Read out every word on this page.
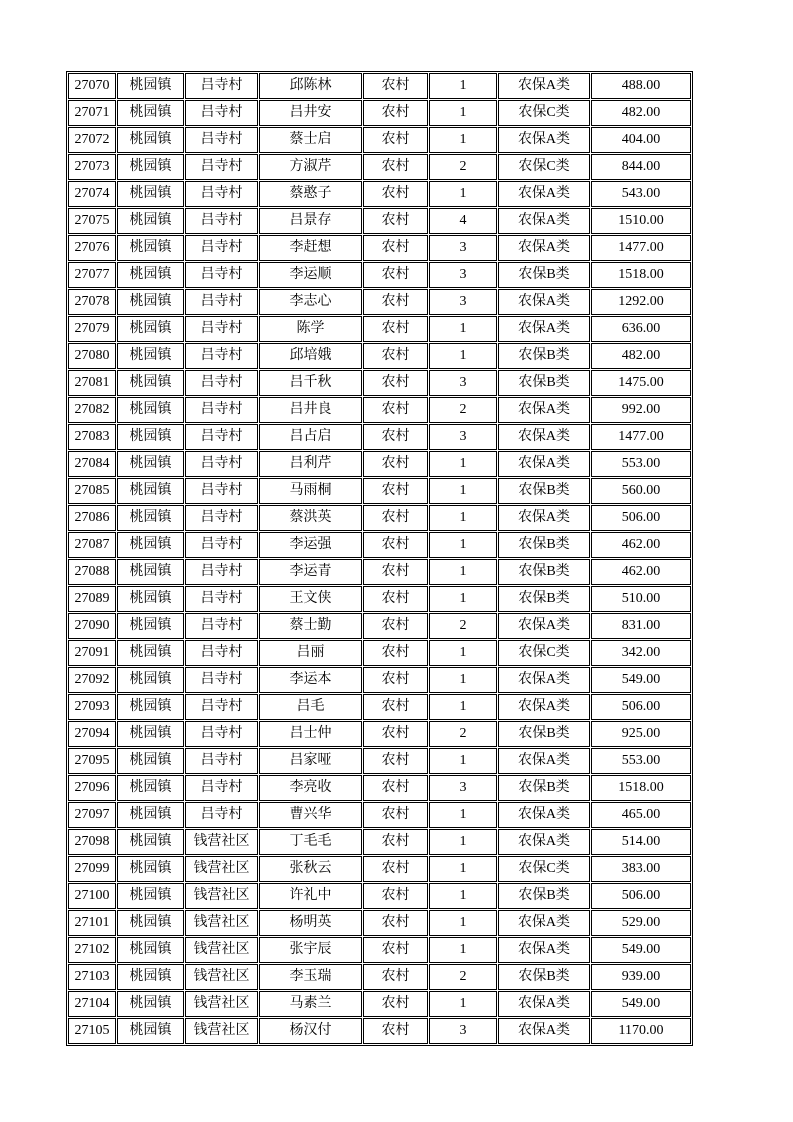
27070	桃园镇	吕寺村	邱陈林	农村	1	农保A类	488.00
27071	桃园镇	吕寺村	吕井安	农村	1	农保C类	482.00
27072	桃园镇	吕寺村	蔡士启	农村	1	农保A类	404.00
27073	桃园镇	吕寺村	方淑芹	农村	2	农保C类	844.00
27074	桃园镇	吕寺村	蔡憨子	农村	1	农保A类	543.00
27075	桃园镇	吕寺村	吕景存	农村	4	农保A类	1510.00
27076	桃园镇	吕寺村	李赶想	农村	3	农保A类	1477.00
27077	桃园镇	吕寺村	李运顺	农村	3	农保B类	1518.00
27078	桃园镇	吕寺村	李志心	农村	3	农保A类	1292.00
27079	桃园镇	吕寺村	陈学	农村	1	农保A类	636.00
27080	桃园镇	吕寺村	邱培娥	农村	1	农保B类	482.00
27081	桃园镇	吕寺村	吕千秋	农村	3	农保B类	1475.00
27082	桃园镇	吕寺村	吕井良	农村	2	农保A类	992.00
27083	桃园镇	吕寺村	吕占启	农村	3	农保A类	1477.00
27084	桃园镇	吕寺村	吕利芹	农村	1	农保A类	553.00
27085	桃园镇	吕寺村	马雨桐	农村	1	农保B类	560.00
27086	桃园镇	吕寺村	蔡洪英	农村	1	农保A类	506.00
27087	桃园镇	吕寺村	李运强	农村	1	农保B类	462.00
27088	桃园镇	吕寺村	李运青	农村	1	农保B类	462.00
27089	桃园镇	吕寺村	王文侠	农村	1	农保B类	510.00
27090	桃园镇	吕寺村	蔡士勤	农村	2	农保A类	831.00
27091	桃园镇	吕寺村	吕丽	农村	1	农保C类	342.00
27092	桃园镇	吕寺村	李运本	农村	1	农保A类	549.00
27093	桃园镇	吕寺村	吕毛	农村	1	农保A类	506.00
27094	桃园镇	吕寺村	吕士仲	农村	2	农保B类	925.00
27095	桃园镇	吕寺村	吕家哑	农村	1	农保A类	553.00
27096	桃园镇	吕寺村	李亮收	农村	3	农保B类	1518.00
27097	桃园镇	吕寺村	曹兴华	农村	1	农保A类	465.00
27098	桃园镇	钱营社区	丁毛毛	农村	1	农保A类	514.00
27099	桃园镇	钱营社区	张秋云	农村	1	农保C类	383.00
27100	桃园镇	钱营社区	许礼中	农村	1	农保B类	506.00
27101	桃园镇	钱营社区	杨明英	农村	1	农保A类	529.00
27102	桃园镇	钱营社区	张宇辰	农村	1	农保A类	549.00
27103	桃园镇	钱营社区	李玉瑞	农村	2	农保B类	939.00
27104	桃园镇	钱营社区	马素兰	农村	1	农保A类	549.00
27105	桃园镇	钱营社区	杨汉付	农村	3	农保A类	1170.00
